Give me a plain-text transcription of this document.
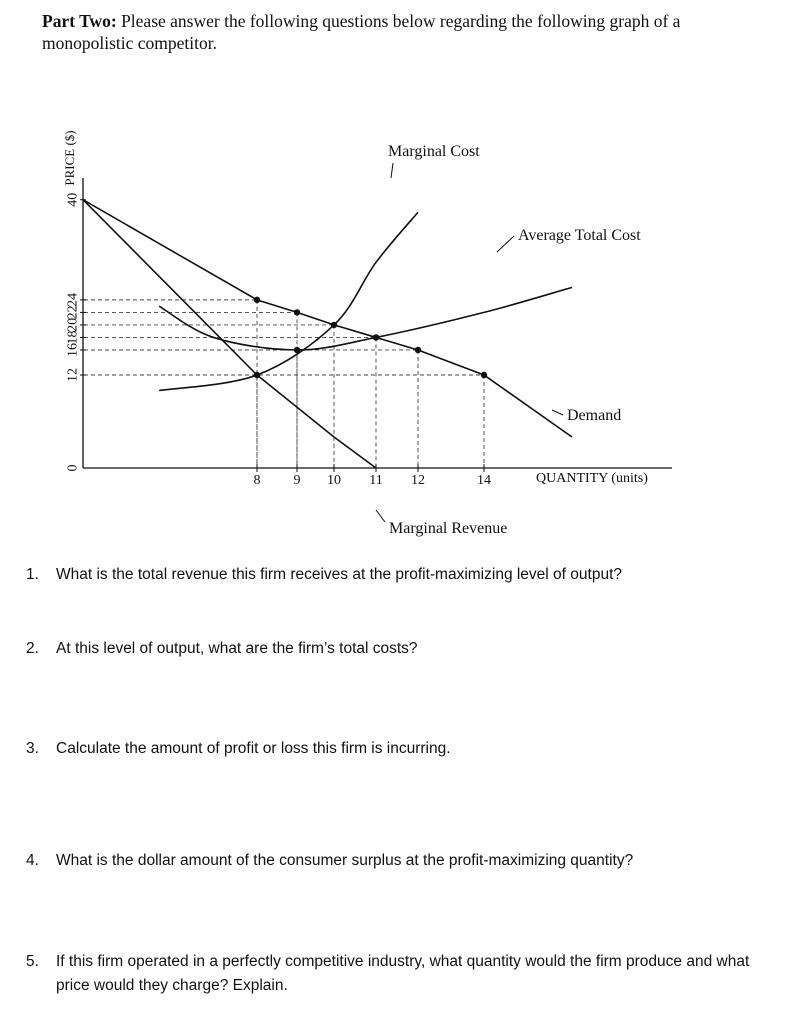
Part Two: Please answer the following questions below regarding the following graph of a monopolistic competitor.
40
24
22
20
18
16
12
0
8 9 10 11 12	14
PRICE ($)
QUANTITY (units)
Marginal Cost
Average Total Cost
Demand
Marginal Revenue
1. What is the total revenue this firm receives at the profit-maximizing level of output?
2. At this level of output, what are the firm’s total costs?
3. Calculate the amount of profit or loss this firm is incurring.
4. What is the dollar amount of the consumer surplus at the profit-maximizing quantity?
5. If this firm operated in a perfectly competitive industry, what quantity would the firm produce and what price would they charge? Explain.
